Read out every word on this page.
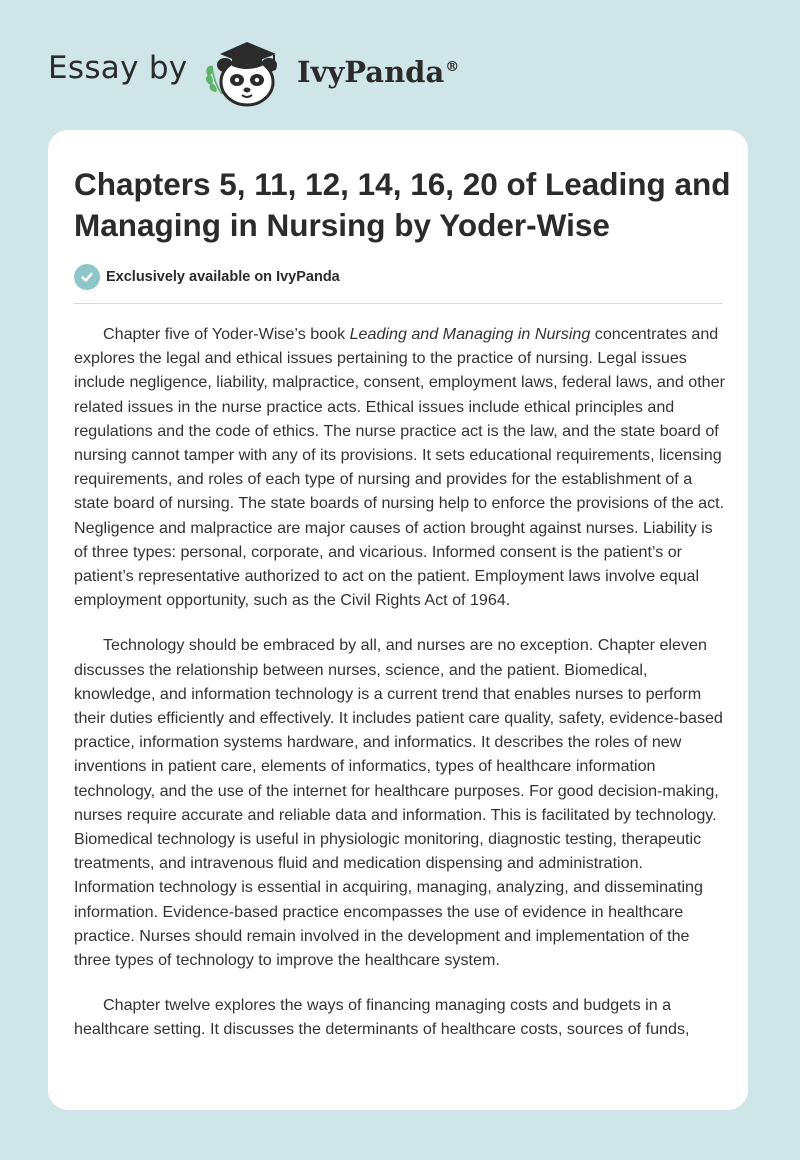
Essay by	IvyPanda®
Chapters 5, 11, 12, 14, 16, 20 of Leading and Managing in Nursing by Yoder-Wise
Exclusively available on IvyPanda

Chapter five of Yoder-Wise’s book Leading and Managing in Nursing concentrates and explores the legal and ethical issues pertaining to the practice of nursing. Legal issues include negligence, liability, malpractice, consent, employment laws, federal laws, and other related issues in the nurse practice acts. Ethical issues include ethical principles and regulations and the code of ethics. The nurse practice act is the law, and the state board of nursing cannot tamper with any of its provisions. It sets educational requirements, licensing requirements, and roles of each type of nursing and provides for the establishment of a state board of nursing. The state boards of nursing help to enforce the provisions of the act. Negligence and malpractice are major causes of action brought against nurses. Liability is of three types: personal, corporate, and vicarious. Informed consent is the patient’s or patient’s representative authorized to act on the patient. Employment laws involve equal employment opportunity, such as the Civil Rights Act of 1964.

Technology should be embraced by all, and nurses are no exception. Chapter eleven discusses the relationship between nurses, science, and the patient. Biomedical, knowledge, and information technology is a current trend that enables nurses to perform their duties efficiently and effectively. It includes patient care quality, safety, evidence-based practice, information systems hardware, and informatics. It describes the roles of new inventions in patient care, elements of informatics, types of healthcare information technology, and the use of the internet for healthcare purposes. For good decision-making, nurses require accurate and reliable data and information. This is facilitated by technology. Biomedical technology is useful in physiologic monitoring, diagnostic testing, therapeutic treatments, and intravenous fluid and medication dispensing and administration. Information technology is essential in acquiring, managing, analyzing, and disseminating information. Evidence-based practice encompasses the use of evidence in healthcare practice. Nurses should remain involved in the development and implementation of the three types of technology to improve the healthcare system.

Chapter twelve explores the ways of financing managing costs and budgets in a healthcare setting. It discusses the determinants of healthcare costs, sources of funds,
